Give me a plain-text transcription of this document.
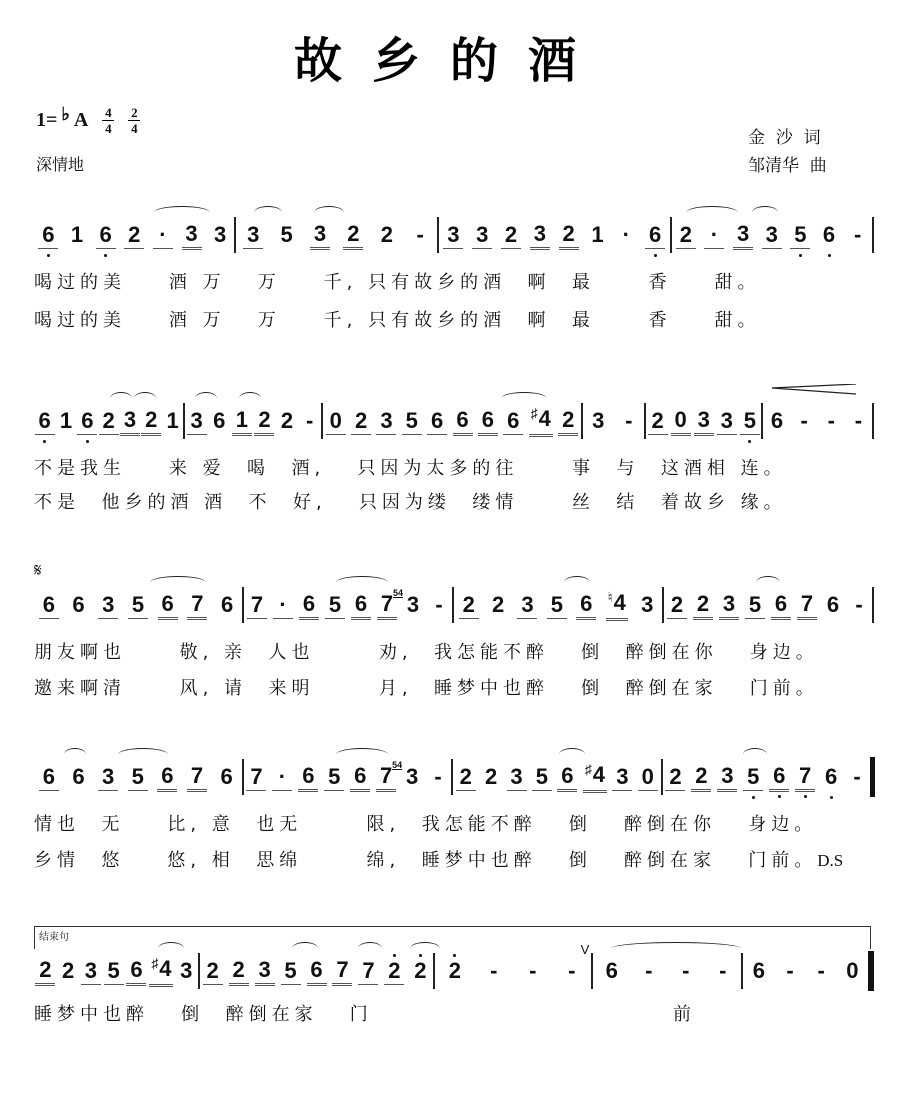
故乡的酒
1= ♭ A $\frac{4}{4} \frac{2}{4}$
深情地
金  沙  词
邹清华  曲
6 1 6 2 · 3 3 3 5 3 2 2 - 3 3 2 3 2 1 · 6 2 · 3 3 5 6 -
喝过的美    酒 万   万    千, 只有故乡的酒  啊  最     香    甜。
喝过的美    酒 万   万    千, 只有故乡的酒  啊  最     香    甜。
6 1 6 2 3 2 1 3 6 1 2 2 - 0 2 3 5 6 6 6 6 ♯4 2 3 - 2 0 3 3 5 6 - - -
不是我生    来 爱  喝  酒,   只因为太多的往     事  与  这酒相 连。
不是  他乡的酒 酒  不  好,   只因为缕  缕情     丝  结  着故乡 缘。
𝄋
6 6 3 5 6 7 6 7 · 6 5 6 7 54 3 - 2 2 3 5 6 ♮4 3 2 2 3 5 6 7 6 -
朋友啊也     敬, 亲  人也      劝,  我怎能不醉   倒  醉倒在你   身边。
邀来啊清     风, 请  来明      月,  睡梦中也醉   倒  醉倒在家   门前。
6 6 3 5 6 7 6 7 · 6 5 6 7 54 3 - 2 2 3 5 6 ♯4 3 0 2 2 3 5 6 7 6 -
情也  无    比, 意  也无      限,  我怎能不醉   倒   醉倒在你   身边。
乡情  悠    悠, 相  思绵      绵,  睡梦中也醉   倒   醉倒在家   门前。D.S
结束句
2 2 3 5 6 ♯4 3 2 2 3 5 6 7 7 2 2 2 - - -
V
6 - - - 6 - - 0
睡梦中也醉   倒  醉倒在家   门                            前
